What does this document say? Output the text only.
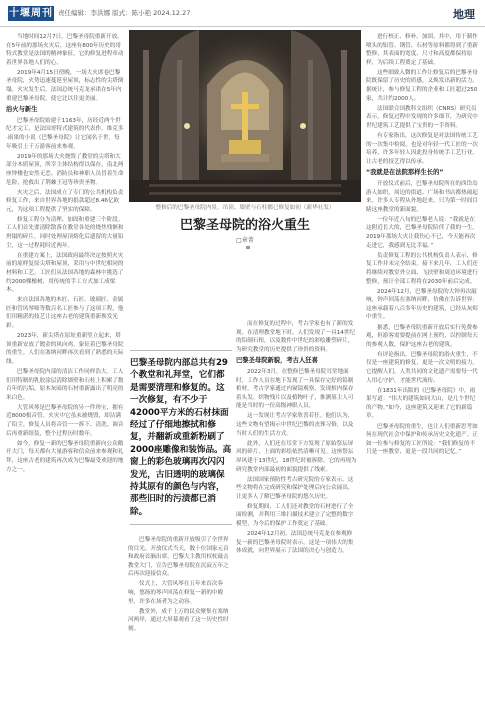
十堰周刊 责任编辑：李洪娜 版式：陈小艳 2024.12.27	地理

当地时间12月7日，巴黎圣母院重新开放。在5年前的那场火灾后，这座有800年历史的哥特式教堂是法国的精神象征，它的修复进程牵动着世界各地人们的心。

2019年4月15日傍晚，一场大火席卷巴黎圣母院，火势迅速蔓延至屋顶，标志性的尖塔倒塌。火灾发生后，法国总统马克龙承诺在5年内重建巴黎圣母院，使它比以往更美丽。

浴火与新生

巴黎圣母院始建于1163年，历经近两个世纪才完工，是法国哥特式建筑的代表作。维克多·雨果的小说《巴黎圣母院》让它闻名于世，每年吸引上千万游客前来参观。

2019年的那场大火烧毁了教堂的尖塔和大部分木质屋顶，所幸主体结构得以保存，南北两座钟楼也安然无恙。消防员和神职人员冒着生命危险，抢救出了荆棘王冠等珍贵圣物。

火灾之后，法国成立了专门的公共机构负责修复工作，来自世界各地的捐款超过8.46亿欧元，为这项工程提供了坚实的保障。

修复工程分为清理、加固和重建三个阶段。工人们首先要清除散落在教堂各处的烧焦残骸和坍塌的碎片，同时处理屋顶熔化后遗留的大量铅尘，这一过程耗时近两年。

在重建方案上，法国政府最终决定按照火灾前的原样复原尖塔和屋顶，采用与中世纪相同的材料和工艺。工匠们从法国各地的森林中挑选了约2000棵橡树，用传统的手工方式加工成梁木。

来自法国各地的木匠、石匠、玻璃匠、金属匠和管风琴师等数百名工匠参与了这项工程，他们用精湛的技艺让这座古老的建筑重新焕发光彩。

2023年，新尖塔在原址重新竖立起来，塔顶重新安放了镀金的风向鸡，象征着巴黎圣母院的重生。人们在塞纳河畔再次看到了熟悉的天际线。

巴黎圣母院内部的清洁工作同样浩大。工人们用特制的乳胶涂层清除墙壁和石柱上积累了数百年的污垢，原本灰暗的石材重新露出了明亮的米白色。

大管风琴是巴黎圣母院的另一件珍宝，拥有近8000根音管。火灾中它虽未被烧毁，却沾满了铅尘。修复人员将音管一一拆下、清洗、调音后再重新组装，整个过程历时数年。

如今，修复一新的巴黎圣母院重新向公众敞开大门，每天都有大量游客和信众前来参观和礼拜，这座古老的建筑再次成为巴黎最受欢迎的地方之一。

整修后的巴黎圣母院内景，吊顶、墙壁与石柱都已修复如初（新华社发）
巴黎圣母院的浴火重生
□章菁
巴黎圣母院内部总共有29个教堂和礼拜堂，它们都是需要清理和修复的。这一次修复，有不少于42000平方米的石材抹面经过了仔细地擦拭和修复，并翻新或重新粉刷了2000座雕像和装饰品。高窗上的彩色玻璃再次闪闪发光，古旧透明的玻璃保持其原有的颜色与内容，那些旧时的污渍都已消除。

而在修复的过程中，考古学家也有了新的发现。在清理教堂地下时，人们发现了一具14世纪的铅制石棺，以及数件中世纪的彩绘雕塑碎片，为研究教堂的历史提供了珍贵的资料。

巴黎圣母院新貌，考古人狂喜

2022年3月，在整修巴黎圣母院耳堂地面时，工作人员在地下发现了一具保存完好的铅制棺材。考古学家通过内窥镜观察，发现棺内保存着头发、织物残片以及植物叶子，推测墓主人可能是当时的一位高级神职人员。

这一发现让考古学家欣喜若狂。他们认为，这些文物有望揭示中世纪巴黎的丧葬习俗，以及当时人们的生活方式。

此外，人们还在耳堂下方发现了原始祭坛屏风的碎片，上面的彩绘依然清晰可见。这座祭坛屏风建于13世纪，18世纪时被拆除，它的再现为研究教堂内部最初的面貌提供了线索。

法国国家预防性考古研究院的专家表示，这些文物将在完成研究和保护处理后向公众展出，让更多人了解巴黎圣母院的悠久历史。

修复期间，工人们还对教堂的石材进行了全面检测，并利用三维扫描技术建立了完整的数字模型，为今后的保护工作奠定了基础。

2024年12月初，法国总统马克龙在参观修复一新的巴黎圣母院时表示，这是一项伟大的集体成就，向世界展示了法国的决心与创造力。

巴黎圣母院的重新开放吸引了全世界的目光。开放仪式当天，数十位国家元首和政府首脑出席，巴黎大主教用权杖敲击教堂大门，宣告巴黎圣母院在沉寂五年之后再次迎接信众。

仪式上，大管风琴在五年来首次奏响，悠扬的琴声回荡在修复一新的中殿里，许多在场者为之动容。

教堂外，成千上万的民众聚集在塞纳河两岸，通过大屏幕观看了这一历史性时刻。

进行校正、修补、加固。其中，用于制作喷头的铝管、钢管、石材等原料都得到了重新整修，其表面的宽度、尺寸和高度都保持原样，为后续工程奠定了基础。

这些细致入微的工作让修复后的巴黎圣母院既保留了历史的质感，又焕发出新的活力。据统计，参与修复工程的企业和工匠超过250家，共计约2000人。

法国联合国教科文组织（CNRS）研究员表示，修复过程中发现的许多细节，为研究中世纪建筑工艺提供了宝贵的一手资料。

有专家指出，这次修复是对法国传统工艺的一次集中检阅，也是对年轻一代工匠的一次培养。许多年轻人因此投身传统手工艺行业，让古老的技艺得以传承。

“我就是在法院那样生长的”

开放仪式前后，巴黎圣母院所在的西岱岛游人如织，周边的街道、广场和书店都热闹起来。许多人专程从外地赶来，只为第一时间目睹这座教堂的新面貌。

一位年近八旬的巴黎老人说：“我就是在这附近长大的，巴黎圣母院陪伴了我的一生。2019年那场大火让我伤心不已，今天能再次走进它，我感到无比幸福。”

负责修复工程的公共机构负责人表示，修复工作并未完全结束。接下来几年，工人们还将继续对教堂外立面、飞扶壁和周边环境进行整修，预计全部工程将在2030年前后完成。

2024年12月，巴黎圣母院的大钟再次敲响，钟声回荡在塞纳河畔，仿佛在告诉世界：这座承载着八百多年历史的建筑，已经从灰烬中重生。

据悉，巴黎圣母院重新开放后实行免费参观，但游客需要提前在网上预约，以控制每天的参观人数，保护这座古老的建筑。

有评论指出，巴黎圣母院的浴火重生，不仅是一座建筑的修复，更是一次文明的接力。它提醒人们，人类共同的文化遗产需要每一代人用心守护，才能世代流传。

在1831年出版的《巴黎圣母院》中，雨果写道：“伟大的建筑如同大山，是几个世纪的产物。”如今，这座建筑又迎来了它的新篇章。

巴黎圣母院的重生，也让人们重新思考如何在现代社会中保护和传承历史文化遗产。正如一位参与修复的工匠所说：“我们修复的不只是一座教堂，更是一段共同的记忆。”
